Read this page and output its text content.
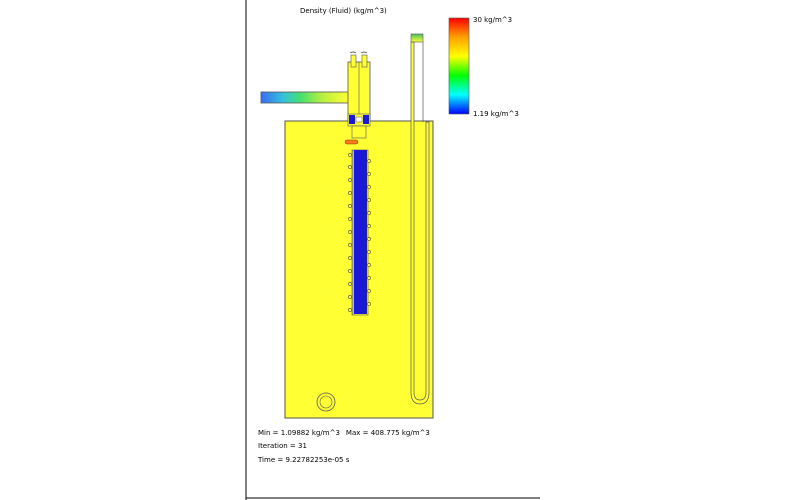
Density (Fluid) (kg/m^3)
30 kg/m^3
1.19 kg/m^3
Min = 1.09882 kg/m^3 Max = 408.775 kg/m^3
Iteration = 31
Time = 9.22782253e-05 s
